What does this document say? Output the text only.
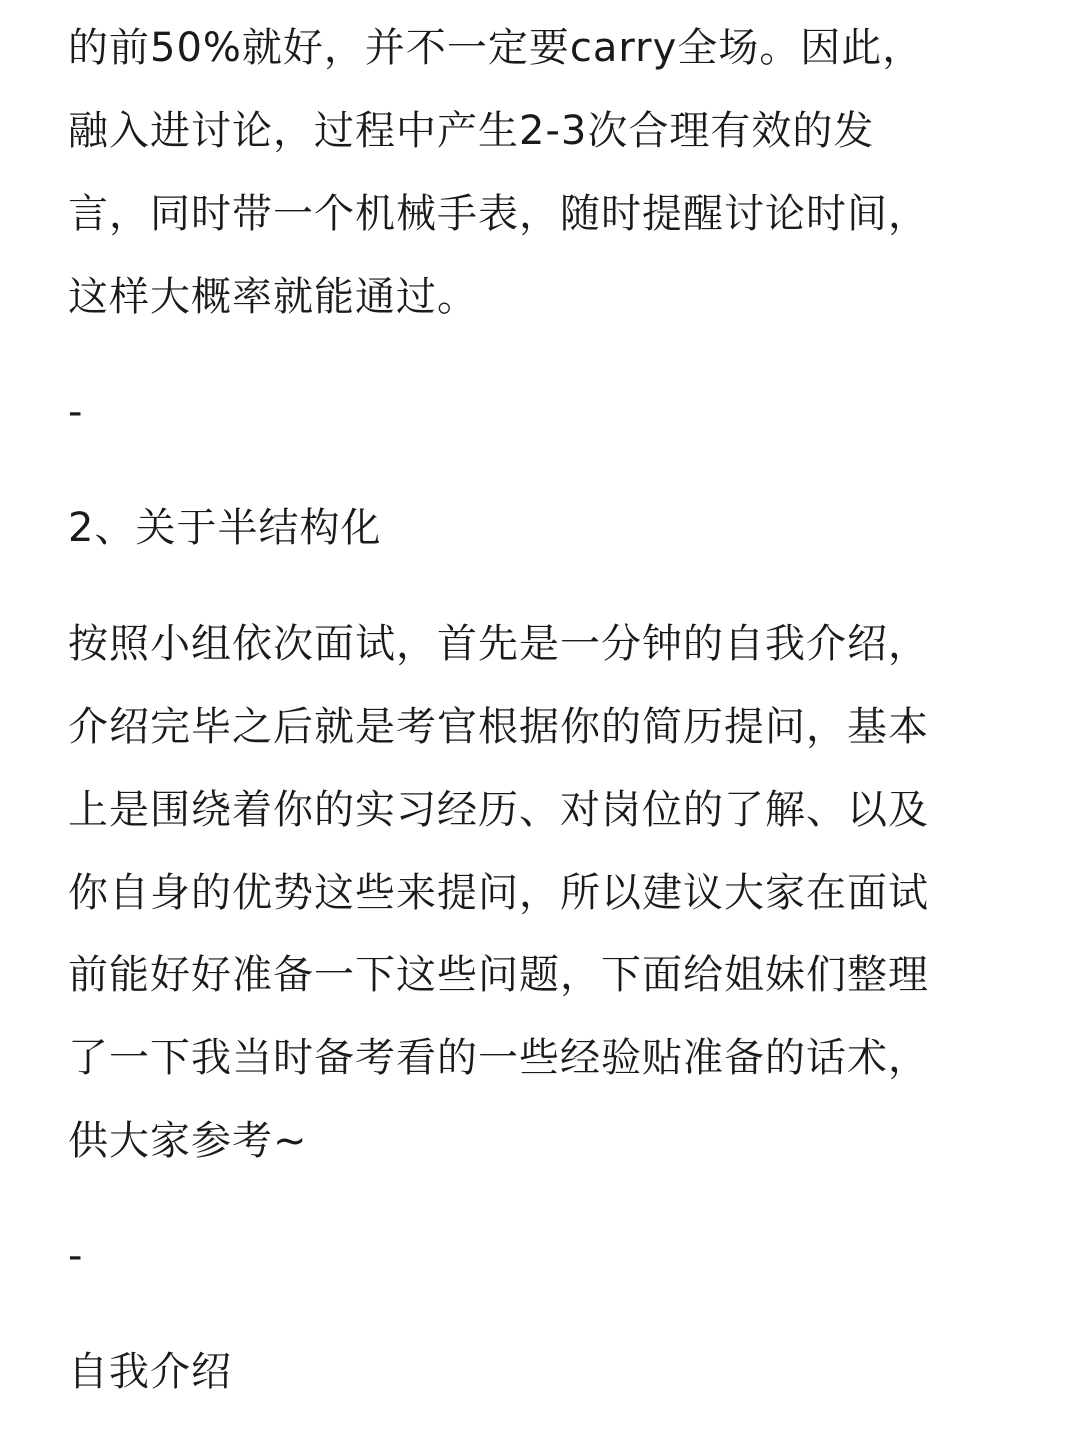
的前50%就好，并不一定要carry全场。因此，
融入进讨论，过程中产生2-3次合理有效的发
言，同时带一个机械手表，随时提醒讨论时间，
这样大概率就能通过。
-
2、关于半结构化
按照小组依次面试，首先是一分钟的自我介绍，
介绍完毕之后就是考官根据你的简历提问，基本
上是围绕着你的实习经历、对岗位的了解、以及
你自身的优势这些来提问，所以建议大家在面试
前能好好准备一下这些问题，下面给姐妹们整理
了一下我当时备考看的一些经验贴准备的话术，
供大家参考~
-
自我介绍
